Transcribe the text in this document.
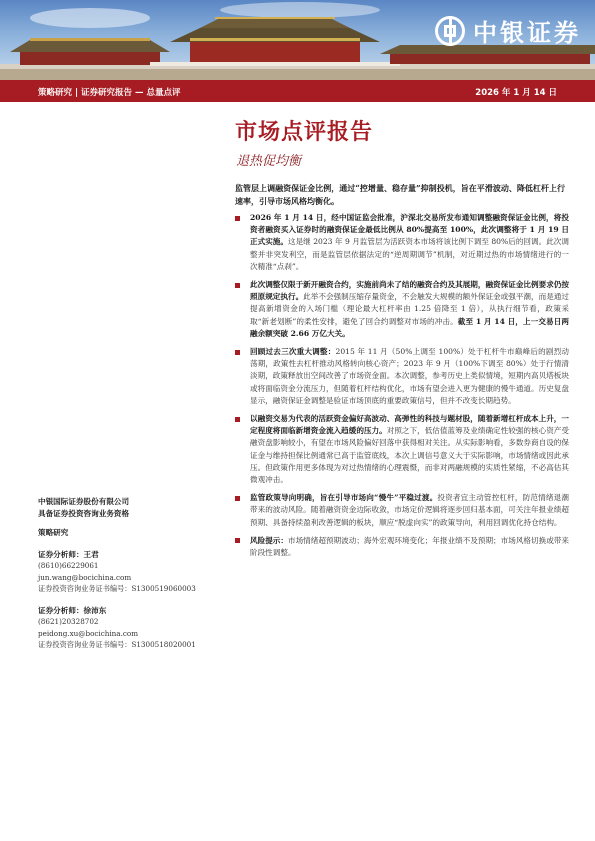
中银证券
策略研究 | 证券研究报告 — 总量点评	2026 年 1 月 14 日
市场点评报告
退热促均衡
监管层上调融资保证金比例，通过“控增量、稳存量”抑制投机，旨在平滑波动、降低杠杆上行速率，引导市场风格均衡化。
2026 年 1 月 14 日，经中国证监会批准，沪深北交易所发布通知调整融资保证金比例，将投资者融资买入证券时的融资保证金最低比例从 80%提高至 100%，此次调整将于 1 月 19 日正式实施。这是继 2023 年 9 月监管层为活跃资本市场将该比例下调至 80%后的回调。此次调整并非突发利空，而是监管层依据法定的“逆周期调节”机制，对近期过热的市场情绪进行的一次精准“点刹”。
此次调整仅限于新开融资合约，实施前尚未了结的融资合约及其展期，融资保证金比例要求仍按照原规定执行。此举不会强制压缩存量资金，不会触发大规模的额外保证金或强平潮，而是通过提高新增资金的入场门槛（理论最大杠杆率由 1.25 倍降至 1 倍），从执行细节看，政策采取“新老划断”的柔性安排，避免了回合约调整对市场的冲击。截至 1 月 14 日，上一交易日两融余额突破 2.66 万亿大关。
回顾过去三次重大调整：2015 年 11 月（50%上调至 100%）处于杠杆牛市巅峰后的剧烈动荡期，政策性去杠杆推动风格转向核心资产；2023 年 9 月（100%下调至 80%）处于行情清淡期，政策释放出空间改善了市场资金面。本次调整，参考历史上类似情境，短期内高贝塔板块或将面临资金分流压力，但随着杠杆结构优化，市场有望会进入更为健康的慢牛通道。历史复盘显示，融资保证金调整是验证市场顶底的重要政策信号，但并不改变长期趋势。
以融资交易为代表的活跃资金偏好高波动、高弹性的科技与题材股，随着新增杠杆成本上升，一定程度将面临新增资金流入趋缓的压力。对照之下，低估值蓝筹及业绩确定性较强的核心资产受融资盘影响较小，有望在市场风险偏好回落中获得相对关注。从实际影响看，多数券商自设的保证金与维持担保比例通常已高于监管底线，本次上调信号意义大于实际影响，市场情绪或因此承压。但政策作用更多体现为对过热情绪的心理震慑，而非对两融规模的实质性紧缩，不必高估其微观冲击。
监管政策导向明确，旨在引导市场向“慢牛”平稳过渡。投资者宜主动管控杠杆，防范情绪退潮带来的波动风险。随着融资资金边际收敛，市场定价逻辑将逐步回归基本面，可关注年报业绩超预期、具备持续盈利改善逻辑的板块，顺应“脱虚向实”的政策导向，利用回调优化持仓结构。
风险提示：市场情绪超预期波动；海外宏观环境变化；年报业绩不及预期；市场风格切换或带来阶段性调整。
中银国际证券股份有限公司
具备证券投资咨询业务资格
策略研究
证券分析师：王君
(8610)66229061
jun.wang@bocichina.com
证券投资咨询业务证书编号：S1300519060003
证券分析师：徐沛东
(8621)20328702
peidong.xu@bocichina.com
证券投资咨询业务证书编号：S1300518020001
